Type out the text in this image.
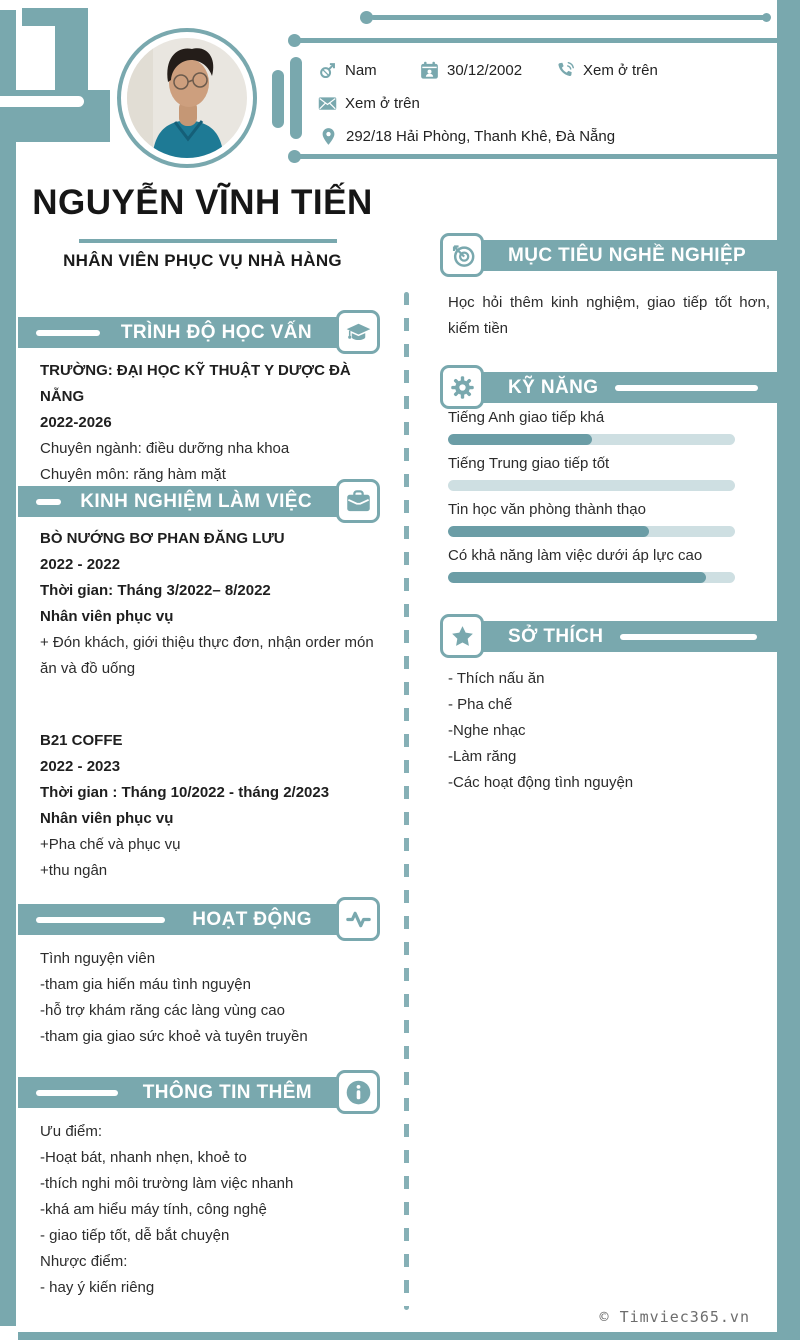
Nam	30/12/2002	Xem ở trên
Xem ở trên
292/18 Hải Phòng, Thanh Khê, Đà Nẵng
NGUYỄN VĨNH TIẾN
NHÂN VIÊN PHỤC VỤ NHÀ HÀNG
TRÌNH ĐỘ HỌC VẤN
TRƯỜNG: ĐẠI HỌC KỸ THUẬT Y DƯỢC ĐÀ NẴNG
2022-2026
Chuyên ngành: điều dưỡng nha khoa
Chuyên môn: răng hàm mặt
KINH NGHIỆM LÀM VIỆC
BÒ NƯỚNG BƠ PHAN ĐĂNG LƯU
2022 - 2022
Thời gian: Tháng 3/2022– 8/2022
Nhân viên phục vụ
+ Đón khách, giới thiệu thực đơn, nhận order món ăn và đồ uống
B21 COFFE
2022 - 2023
Thời gian : Tháng 10/2022 - tháng 2/2023
Nhân viên phục vụ
+Pha chế và phục vụ
+thu ngân
HOẠT ĐỘNG
Tình nguyện viên
-tham gia hiến máu tình nguyện
-hỗ trợ khám răng các làng vùng cao
-tham gia giao sức khoẻ và tuyên truyền
THÔNG TIN THÊM
Ưu điểm:
-Hoạt bát, nhanh nhẹn, khoẻ to
-thích nghi môi trường làm việc nhanh
-khá am hiểu máy tính, công nghệ
- giao tiếp tốt, dễ bắt chuyện
Nhược điểm:
- hay ý kiến riêng
MỤC TIÊU NGHỀ NGHIỆP
Học hỏi thêm kinh nghiệm, giao tiếp tốt hơn, kiếm tiền
KỸ NĂNG
Tiếng Anh giao tiếp khá
Tiếng Trung giao tiếp tốt
Tin học văn phòng thành thạo
Có khả năng làm việc dưới áp lực cao
SỞ THÍCH
- Thích nấu ăn
- Pha chế
-Nghe nhạc
-Làm răng
-Các hoạt động tình nguyện
© Timviec365.vn
